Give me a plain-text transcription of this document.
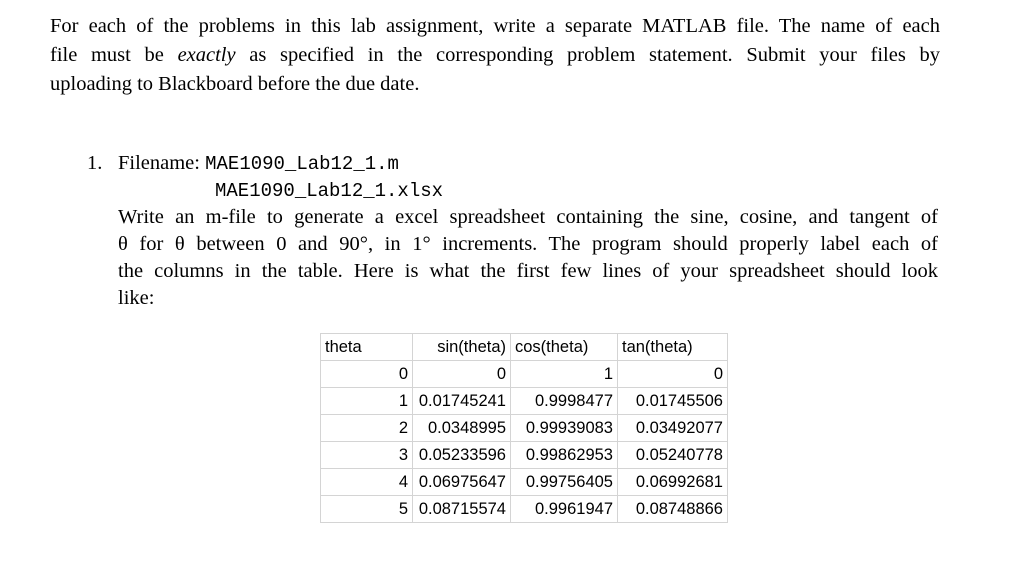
For each of the problems in this lab assignment, write a separate MATLAB file. The name of each
file must be exactly as specified in the corresponding problem statement. Submit your files by
uploading to Blackboard before the due date.
1. Filename: MAE1090_Lab12_1.m
MAE1090_Lab12_1.xlsx
Write an m-file to generate a excel spreadsheet containing the sine, cosine, and tangent of
θ for θ between 0 and 90°, in 1° increments. The program should properly label each of
the columns in the table. Here is what the first few lines of your spreadsheet should look
like:
theta	sin(theta)	cos(theta)	tan(theta)
0	0	1	0
1	0.01745241	0.9998477	0.01745506
2	0.0348995	0.99939083	0.03492077
3	0.05233596	0.99862953	0.05240778
4	0.06975647	0.99756405	0.06992681
5	0.08715574	0.9961947	0.08748866
